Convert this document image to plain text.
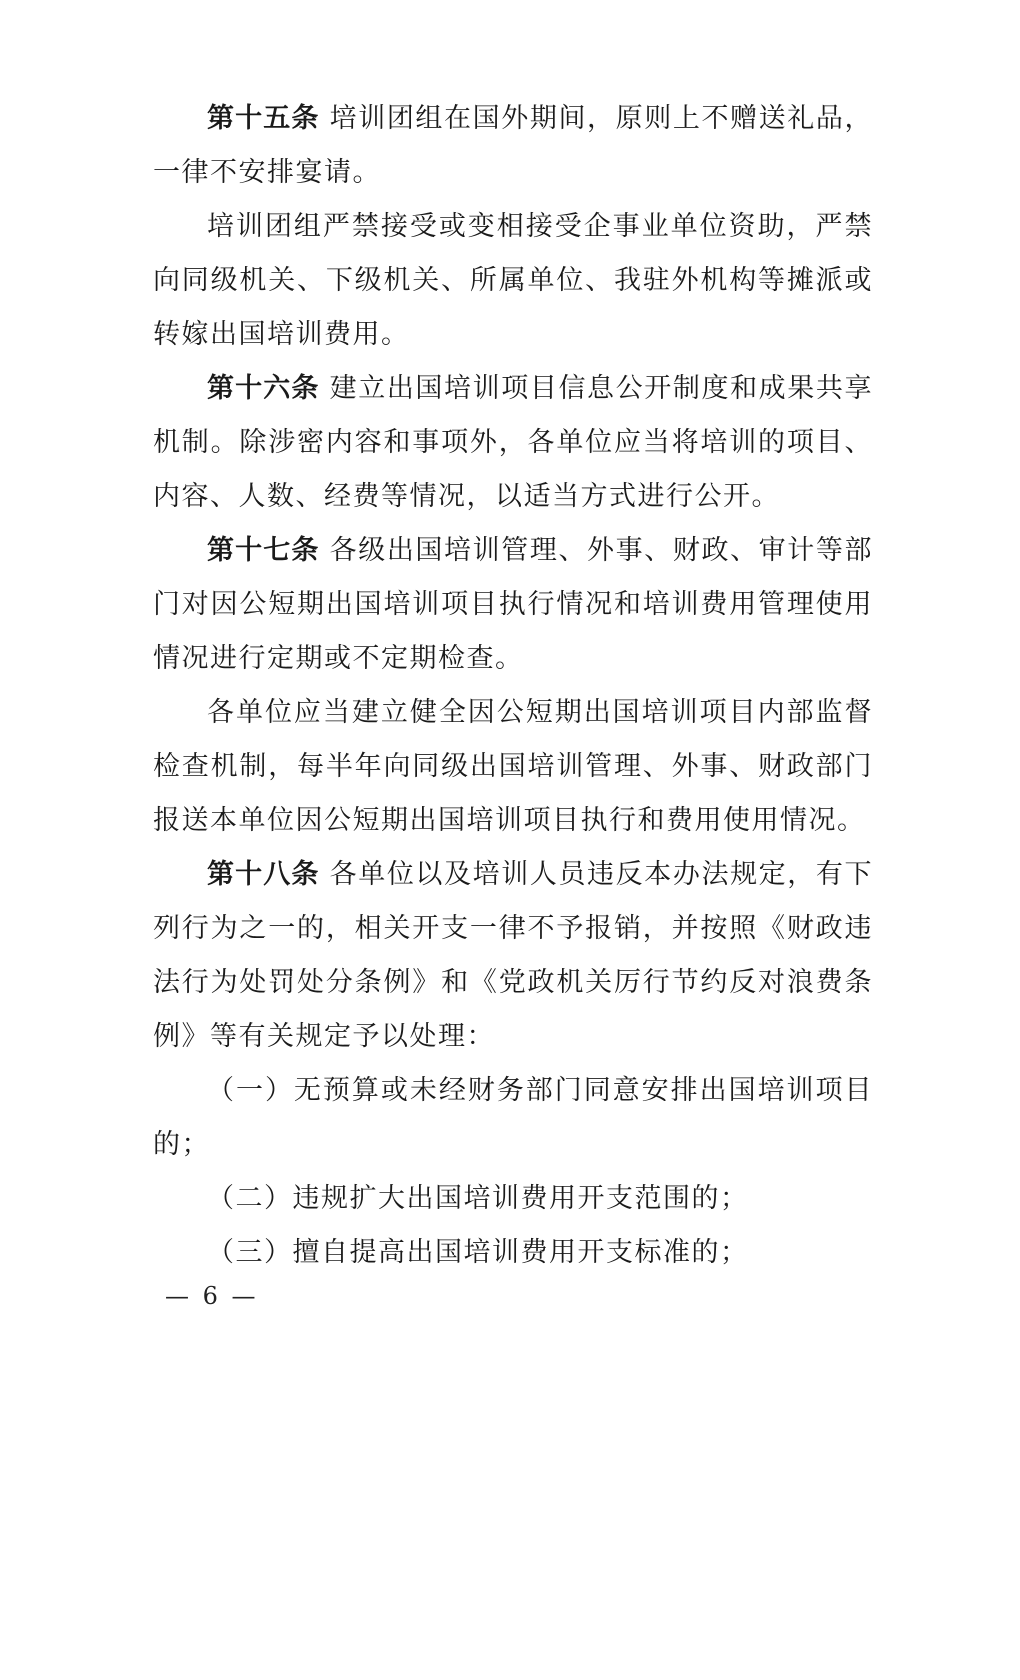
第十五条 培训团组在国外期间，原则上不赠送礼品，一律不安排宴请。

培训团组严禁接受或变相接受企事业单位资助，严禁向同级机关、下级机关、所属单位、我驻外机构等摊派或转嫁出国培训费用。

第十六条 建立出国培训项目信息公开制度和成果共享机制。除涉密内容和事项外，各单位应当将培训的项目、内容、人数、经费等情况，以适当方式进行公开。

第十七条 各级出国培训管理、外事、财政、审计等部门对因公短期出国培训项目执行情况和培训费用管理使用情况进行定期或不定期检查。

各单位应当建立健全因公短期出国培训项目内部监督检查机制，每半年向同级出国培训管理、外事、财政部门报送本单位因公短期出国培训项目执行和费用使用情况。

第十八条 各单位以及培训人员违反本办法规定，有下列行为之一的，相关开支一律不予报销，并按照《财政违法行为处罚处分条例》和《党政机关厉行节约反对浪费条例》等有关规定予以处理：

（一）无预算或未经财务部门同意安排出国培训项目的；

（二）违规扩大出国培训费用开支范围的；

（三）擅自提高出国培训费用开支标准的；

— 6 —
